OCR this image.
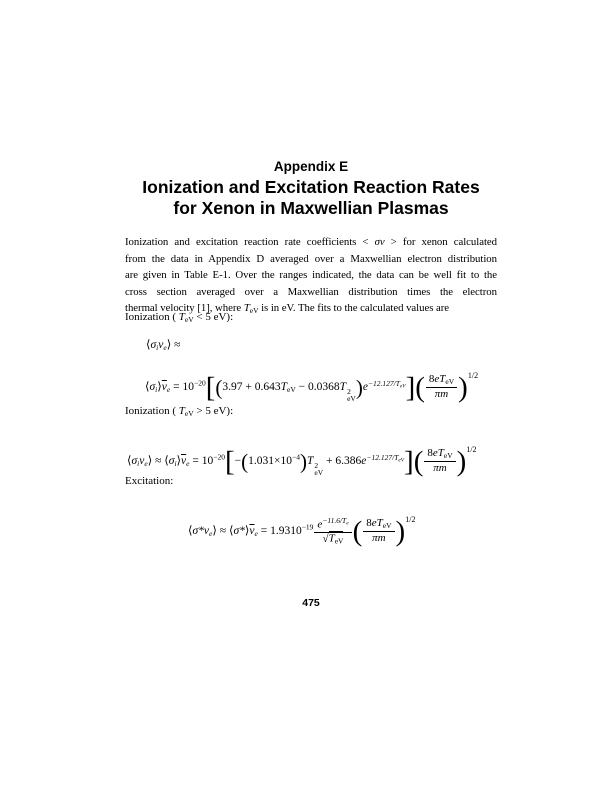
Appendix E
Ionization and Excitation Reaction Rates
for Xenon in Maxwellian Plasmas
Ionization and excitation reaction rate coefficients < σv > for xenon calculated
from the data in Appendix D averaged over a Maxwellian electron distribution
are given in Table E-1. Over the ranges indicated, the data can be well fit to the
cross section averaged over a Maxwellian distribution times the electron
thermal velocity [1], where $T_{eV}$ is in eV. The fits to the calculated values are
Ionization ( $T_{eV} < 5$ eV):
$⟨\sigma_iv_e⟩$ ≈
$⟨\sigma_i⟩\overline{v}_e = 10^{-20}[(3.97 + 0.643T_{eV} - 0.0368T$ 2
eV )$e^{-12.127/T_{eV}}]( \frac{8eT_{eV}}{\pi m} )^{1/2}$
Ionization ( $T_{eV} > 5$ eV):
$⟨\sigma_iv_e⟩$ ≈ $⟨\sigma_i⟩\overline{v}_e = 10^{-20}[-(1.031\times 10^{-4})T$ 2
eV
+ $6.386e^{-12.127/T_{eV}}]( \frac{8eT_{eV}}{\pi m} )^{1/2}$
Excitation:
$⟨\sigma*v_e⟩$ ≈ $⟨\sigma*⟩\overline{v}_e = 1.9310^{-19} \frac{e^{-11.6/T_e}}{√T_{eV}}$ ( $\frac{8eT_{eV}}{\pi m} )^{1/2}$
475
